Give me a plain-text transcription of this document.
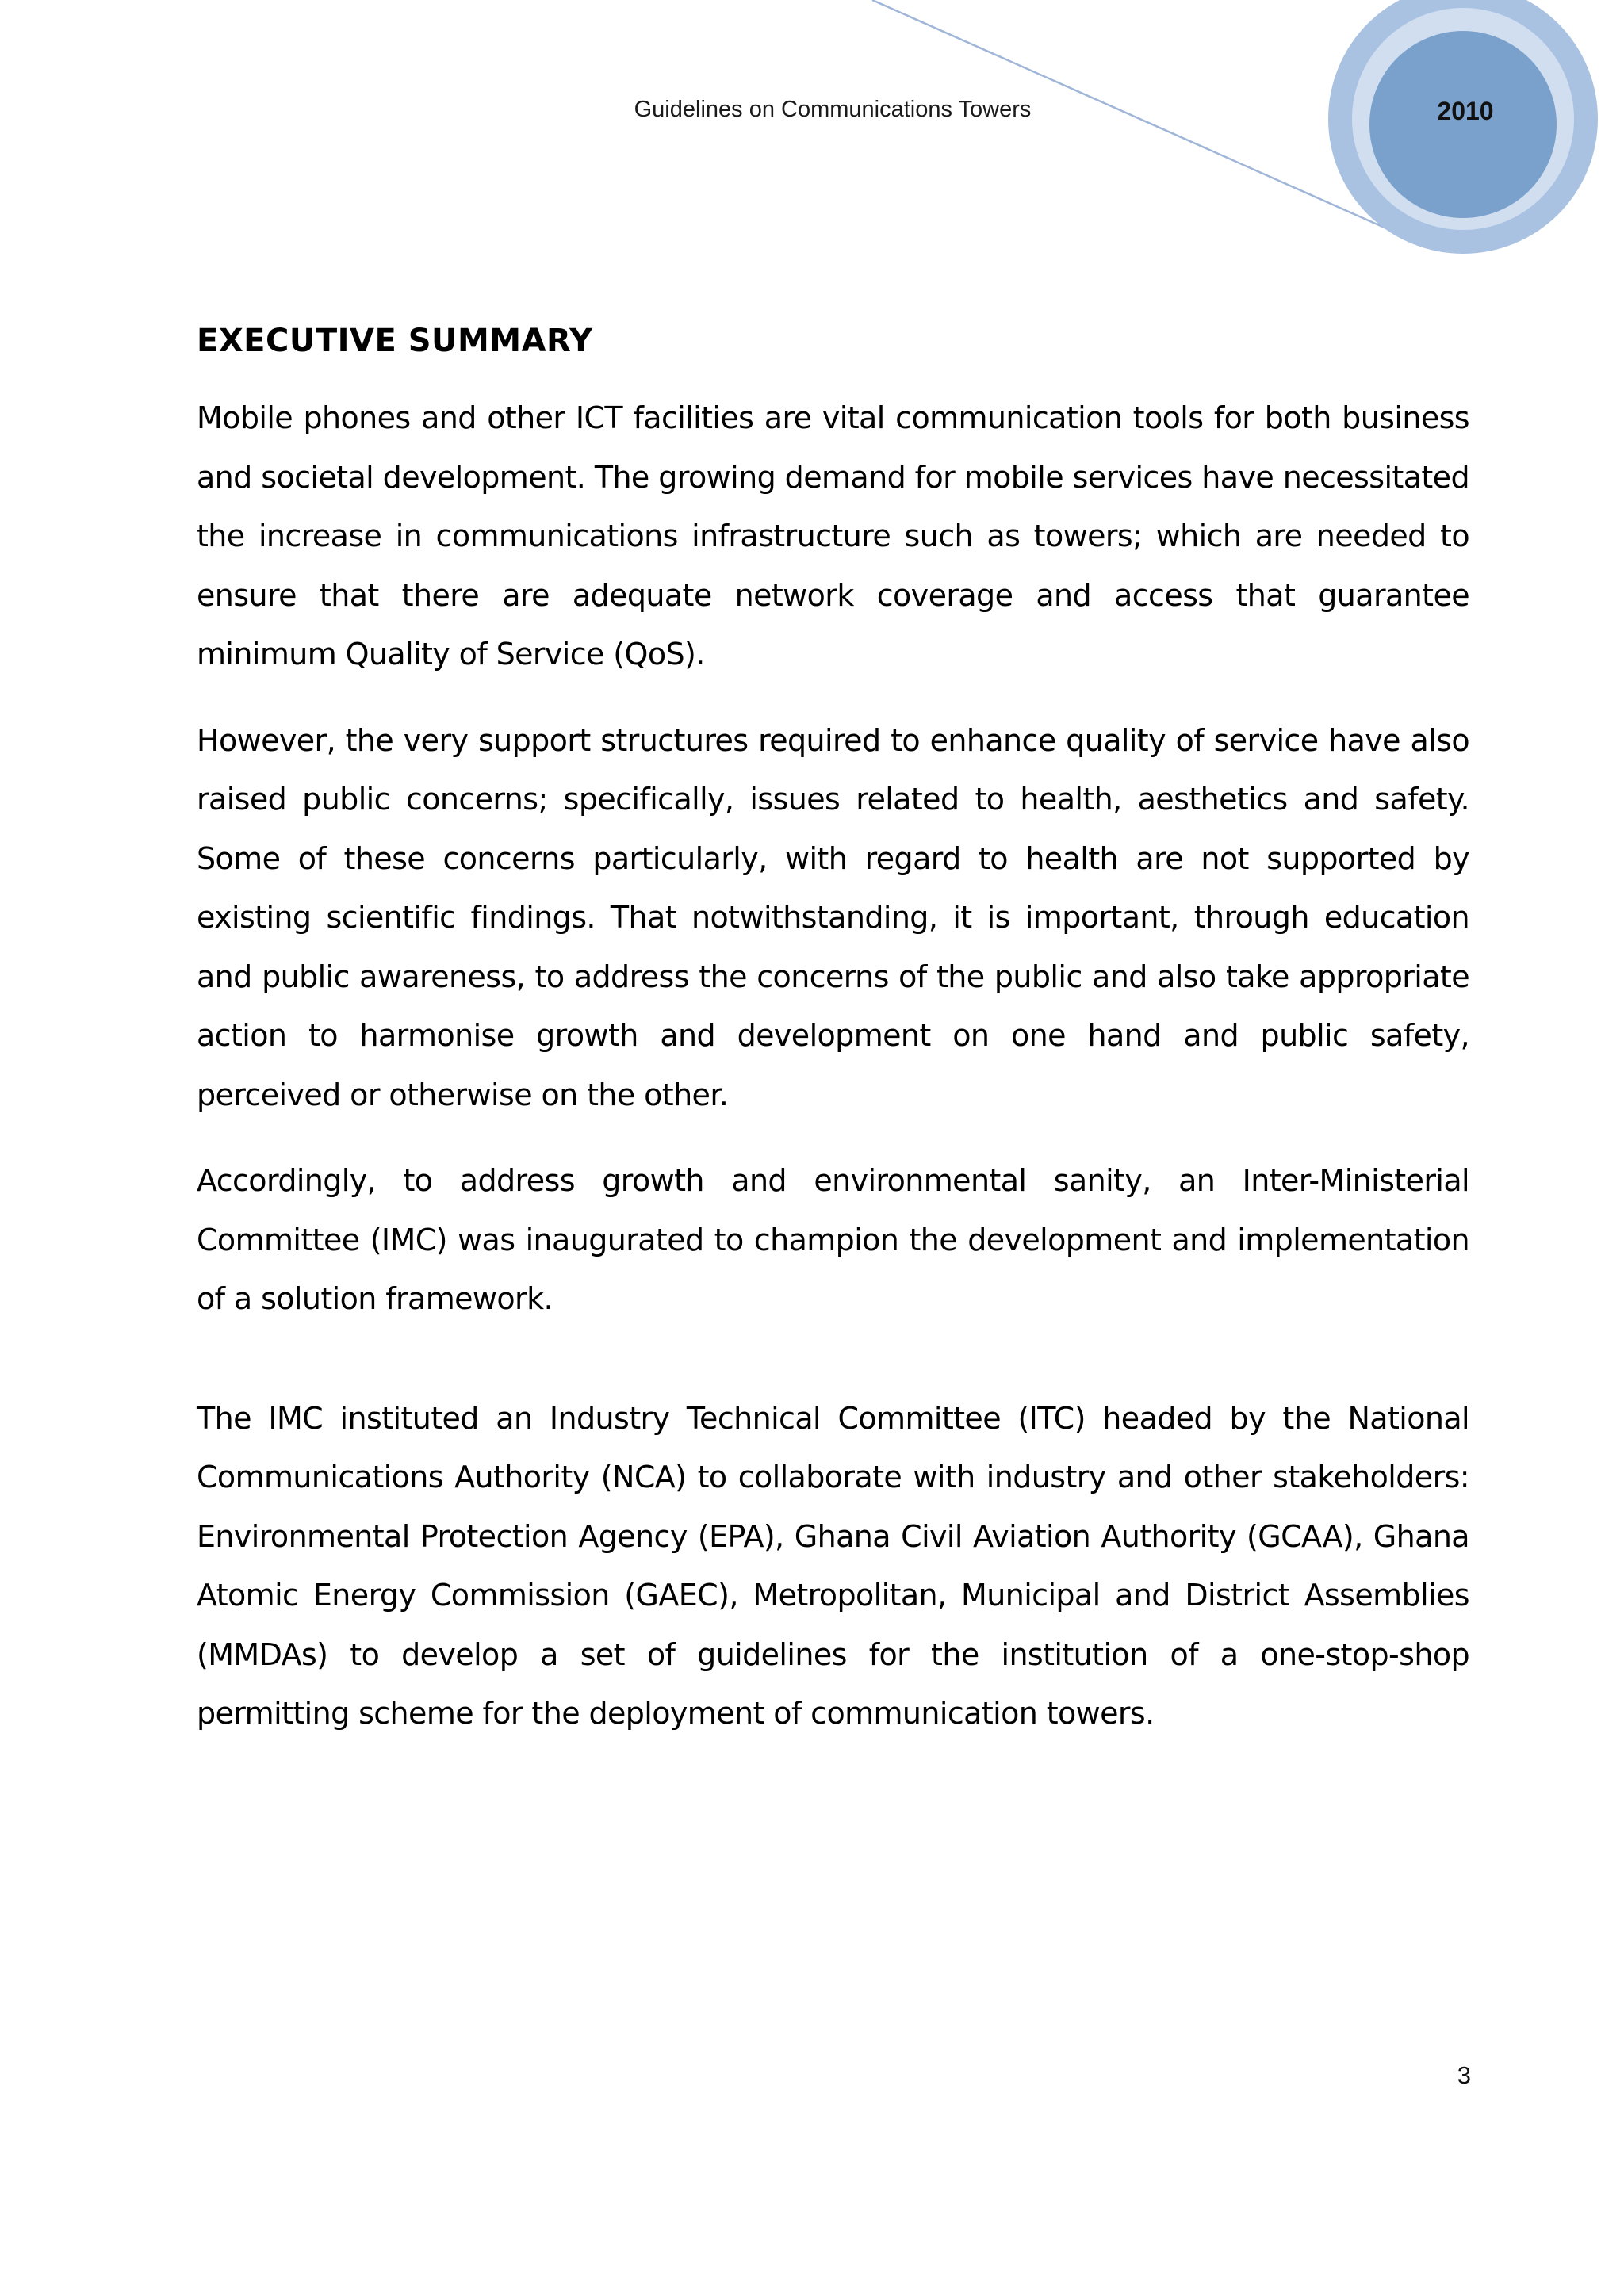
Guidelines on Communications Towers	2010
EXECUTIVE SUMMARY

Mobile phones and other ICT facilities are vital communication tools for both business and societal development. The growing demand for mobile services have necessitated the increase in communications infrastructure such as towers; which are needed to ensure that there are adequate network coverage and access that guarantee minimum Quality of Service (QoS).

However, the very support structures required to enhance quality of service have also raised public concerns; specifically, issues related to health, aesthetics and safety. Some of these concerns particularly, with regard to health are not supported by existing scientific findings. That notwithstanding, it is important, through education and public awareness, to address the concerns of the public and also take appropriate action to harmonise growth and development on one hand and public safety, perceived or otherwise on the other.

Accordingly, to address growth and environmental sanity, an Inter-Ministerial Committee (IMC) was inaugurated to champion the development and implementation of a solution framework.

The IMC instituted an Industry Technical Committee (ITC) headed by the National Communications Authority (NCA) to collaborate with industry and other stakeholders: Environmental Protection Agency (EPA), Ghana Civil Aviation Authority (GCAA), Ghana Atomic Energy Commission (GAEC), Metropolitan, Municipal and District Assemblies (MMDAs) to develop a set of guidelines for the institution of a one-stop-shop permitting scheme for the deployment of communication towers.

3
